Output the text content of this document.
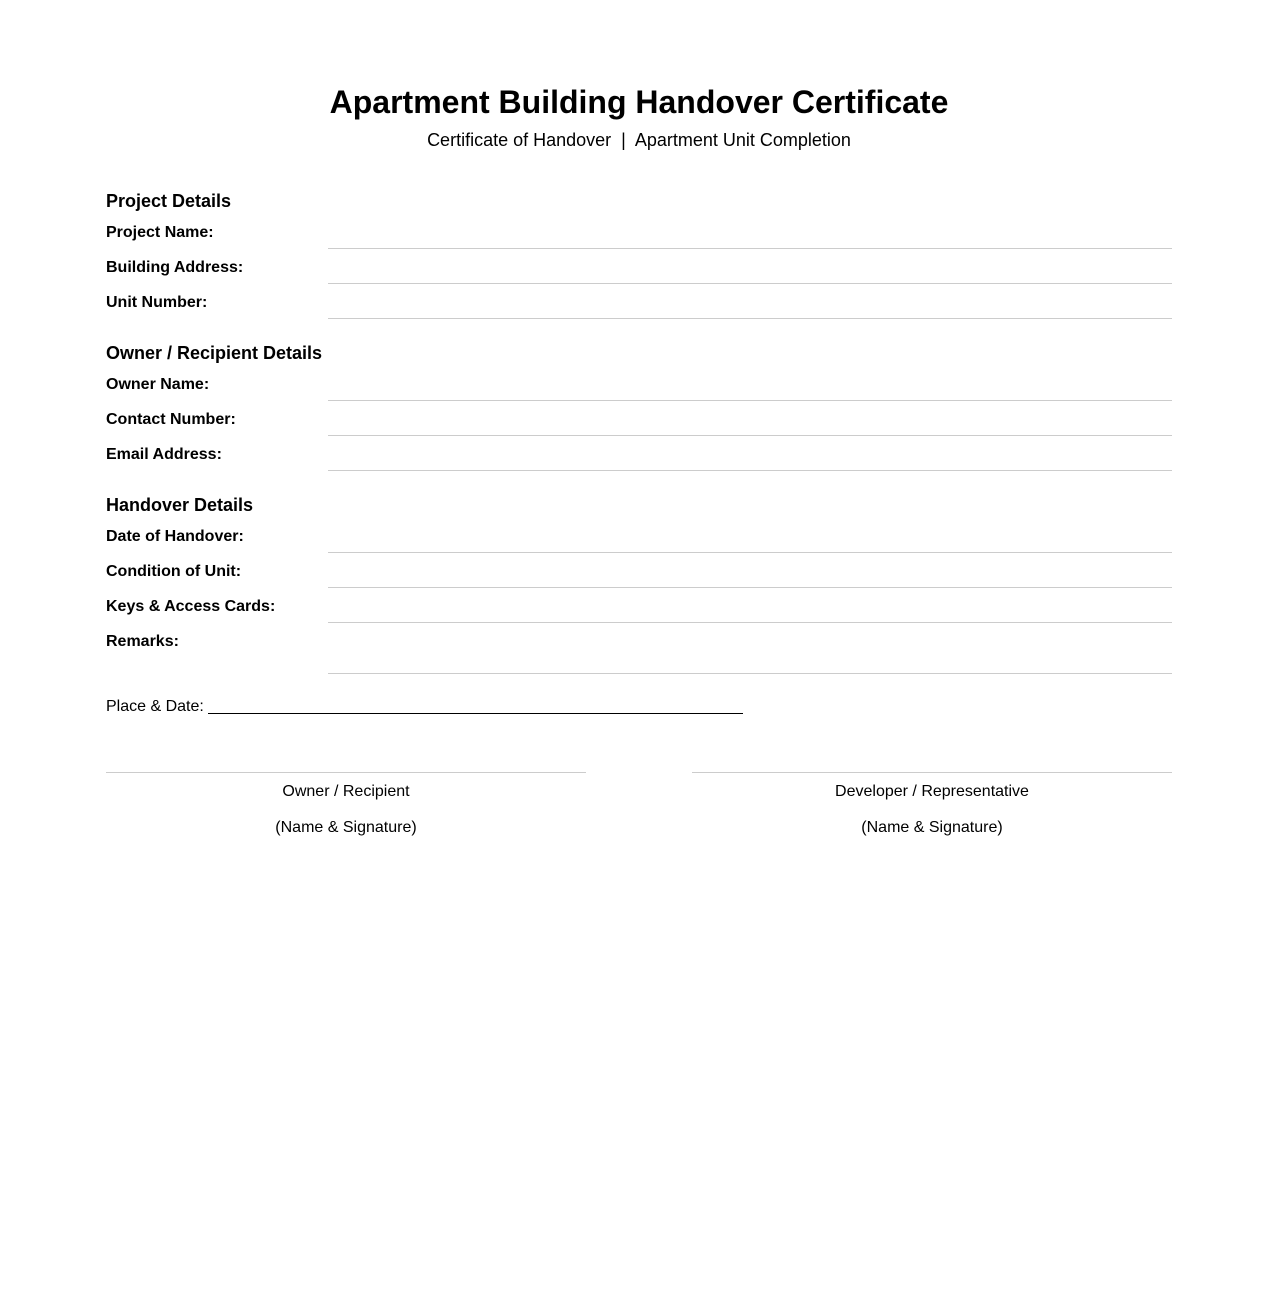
Apartment Building Handover Certificate
Certificate of Handover  |  Apartment Unit Completion
Project Details
Project Name:
Building Address:
Unit Number:
Owner / Recipient Details
Owner Name:
Contact Number:
Email Address:
Handover Details
Date of Handover:
Condition of Unit:
Keys & Access Cards:
Remarks:
Place & Date:
Owner / Recipient
(Name & Signature)
Developer / Representative
(Name & Signature)
